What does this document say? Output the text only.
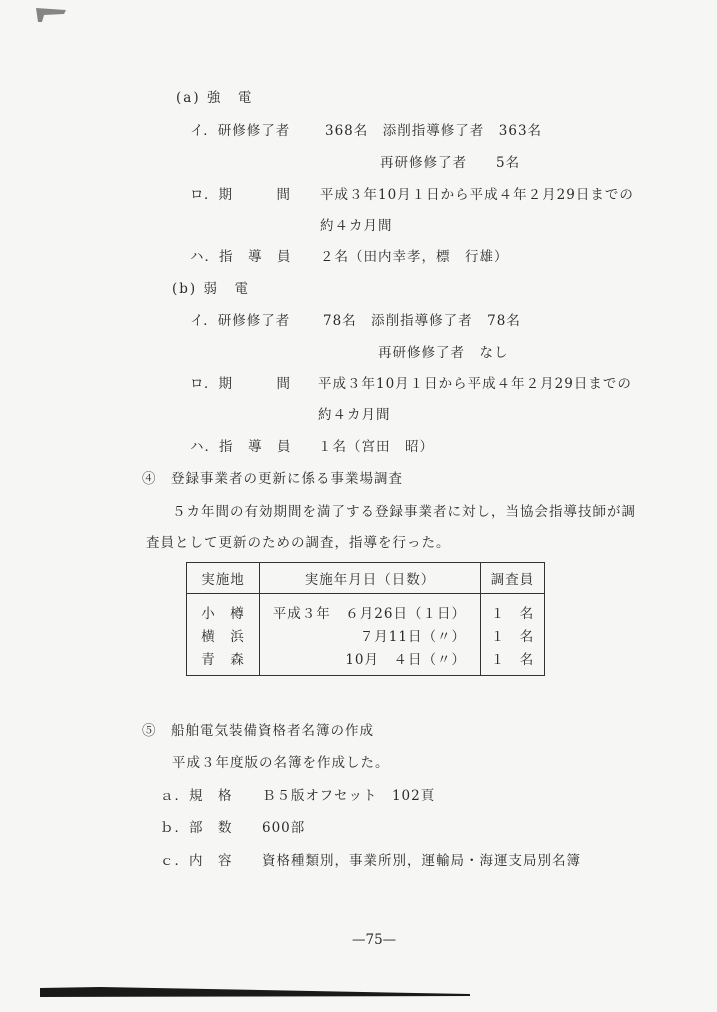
(a) 強　電
イ．研修修了者	368名　添削指導修了者　363名
再研修修了者　　5名
ロ．期　　　間 平成３年10月１日から平成４年２月29日までの
約４カ月間
ハ．指　導　員 ２名（田内幸孝，標　行雄）
(b) 弱　電
イ．研修修了者 78名　添削指導修了者　78名
再研修修了者　なし
ロ．期　　　間 平成３年10月１日から平成４年２月29日までの
約４カ月間
ハ．指　導　員 １名（宮田　昭）
④　登録事業者の更新に係る事業場調査
５カ年間の有効期間を満了する登録事業者に対し，当協会指導技師が調
査員として更新のための調査，指導を行った。
実施地	実施年月日（日数）	調査員
小　樽	平成３年　６月26日（１日）	１　名
横　浜	７月11日（〃）	１　名
青　森	10月　４日（〃）	１　名
⑤　船舶電気装備資格者名簿の作成
平成３年度版の名簿を作成した。
ａ．規　格 Ｂ５版オフセット　102頁
ｂ．部　数 600部
ｃ．内　容 資格種類別，事業所別，運輸局・海運支局別名簿
—75—
